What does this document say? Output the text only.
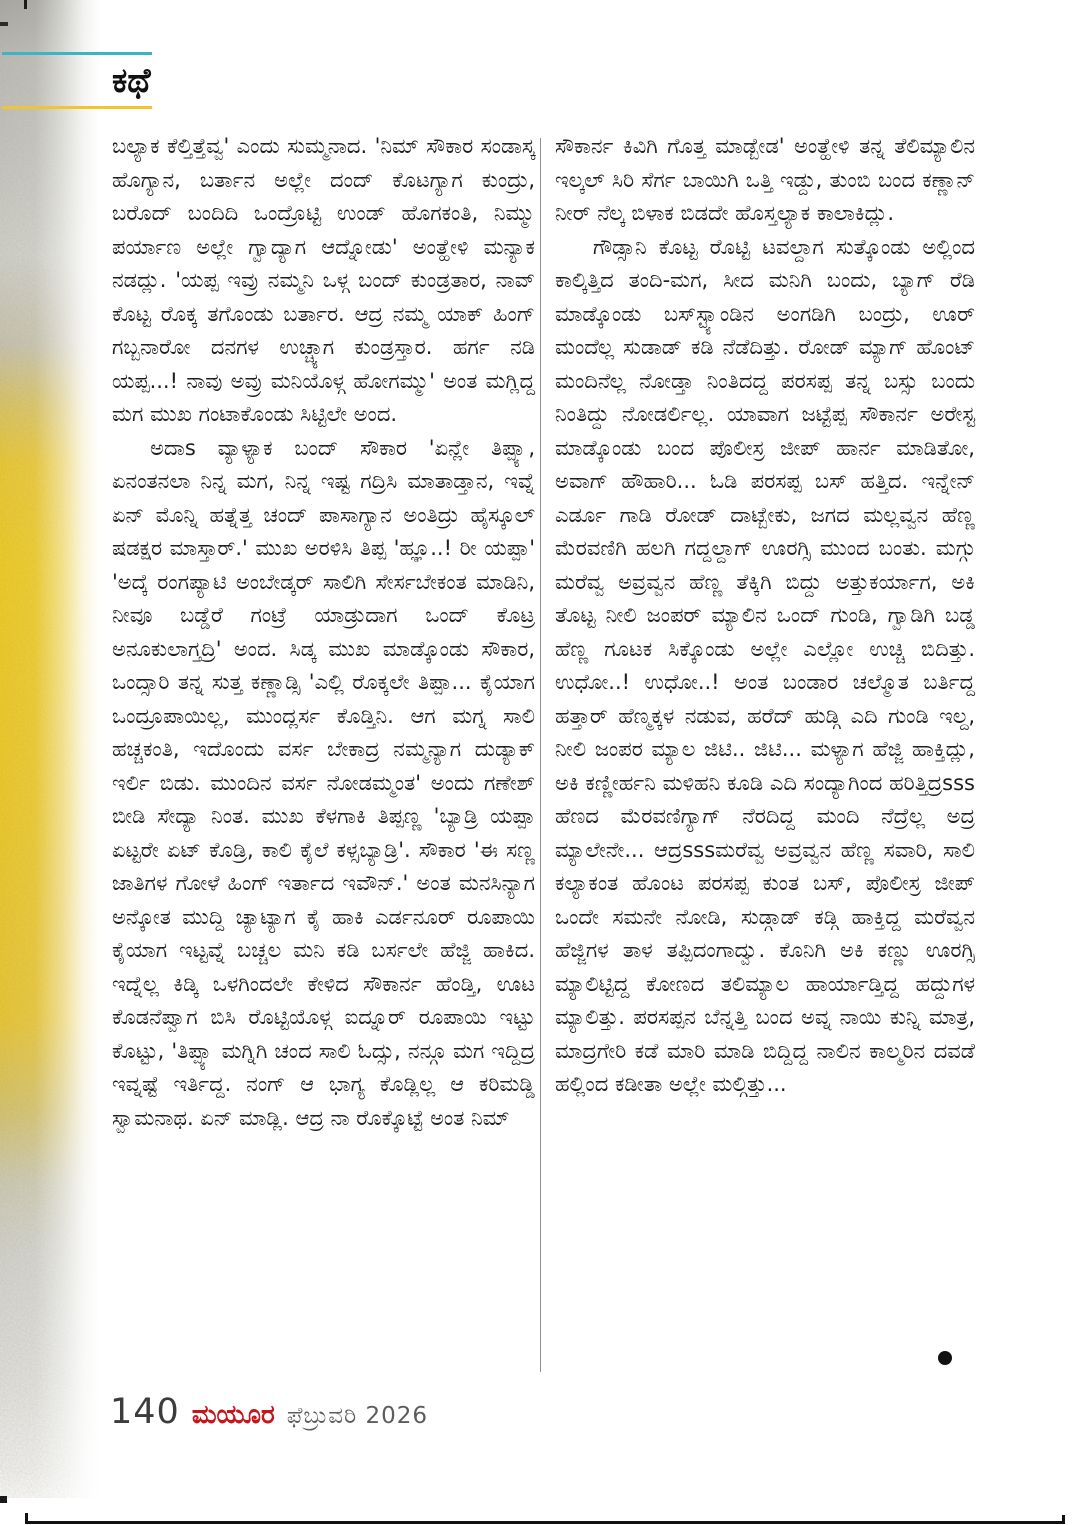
ಕಥೆ

ಬಲ್ಯಾಕ ಕೆಲ್ತಿತ್ತೆವ್ವ' ಎಂದು ಸುಮ್ಮನಾದ. 'ನಿಮ್ ಸೌಕಾರ ಸಂಡಾಸ್ಕ ಹೊಗ್ಯಾನ, ಬರ್ತಾನ ಅಲ್ಲೇ ದಂದ್ ಕೊಟಗ್ಯಾಗ ಕುಂದ್ರು, ಬರೊದ್ ಬಂದಿದಿ ಒಂದ್ರೊಟ್ಟಿ ಉಂಡ್ ಹೊಗಕಂತಿ, ನಿಮ್ಮು ಪರ್ಯಾಣ ಅಲ್ಲೇ ಗ್ವಾದ್ಯಾಗ ಆದ್ನೋಡು' ಅಂತ್ಹೇಳಿ ಮನ್ಯಾಕ ನಡದ್ಲು. 'ಯಪ್ಪ ಇವ್ರು ನಮ್ಮನಿ ಒಳ್ಗ ಬಂದ್ ಕುಂಡ್ರತಾರ, ನಾವ್ ಕೊಟ್ಟ ರೊಕ್ಕ ತಗೊಂಡು ಬರ್ತಾರ. ಆದ್ರ ನಮ್ಮ ಯಾಕ್ ಹಿಂಗ್ ಗಬ್ಬನಾರೋ ದನಗಳ ಉಚ್ಚ್ಯಾಗ ಕುಂಡ್ರಸ್ತಾರ. ಹರ್ಗ ನಡಿ ಯಪ್ಪ...! ನಾವು ಅವ್ರು ಮನಿಯೊಳ್ಗ ಹೋಗಮ್ಮು' ಅಂತ ಮಗ್ಲಿದ್ದ ಮಗ ಮುಖ ಗಂಟಾಕೊಂಡು ಸಿಟ್ಟಿಲೇ ಅಂದ.

ಅದಾs ವ್ಯಾಳ್ಯಾಕ ಬಂದ್ ಸೌಕಾರ 'ಏನ್ಲೇ ತಿಪ್ಪ್ಯಾ, ಏನಂತನಲಾ ನಿನ್ನ ಮಗ, ನಿನ್ನ ಇಷ್ಟ ಗದ್ರಿಸಿ ಮಾತಾಡ್ತಾನ, ಇವ್ನೆ ಏನ್ ಮೊನ್ನಿ ಹತ್ನೆತ್ತ ಚಂದ್ ಪಾಸಾಗ್ಯಾನ ಅಂತಿದ್ರು ಹೈಸ್ಕೂಲ್ ಷಡಕ್ಷರ ಮಾಸ್ತಾರ್.' ಮುಖ ಅರಳಿಸಿ ತಿಪ್ಪ 'ಹ್ಞೂ..! ರೀ ಯಪ್ಪಾ' 'ಅದ್ಕೆ ರಂಗಪ್ಯಾಟಿ ಅಂಬೇಡ್ಕರ್ ಸಾಲಿಗಿ ಸೇರ್ಸಬೇಕಂತ ಮಾಡಿನಿ, ನೀವೂ ಬಡ್ಡೆರೆ ಗಂಟ್ರೆ ಯಾಡ್ರುದಾಗ ಒಂದ್ ಕೊಟ್ರ ಅನೂಕುಲಾಗ್ತದ್ರಿ' ಅಂದ. ಸಿಡ್ಕ ಮುಖ ಮಾಡ್ಕೊಂಡು ಸೌಕಾರ, ಒಂದ್ಸಾರಿ ತನ್ನ ಸುತ್ತ ಕಣ್ಣಾಡ್ಸಿ 'ಎಲ್ಲಿ ರೊಕ್ಕಲೇ ತಿಪ್ಪಾ... ಕೈಯಾಗ ಒಂದ್ರೂಪಾಯಿಲ್ಲ, ಮುಂದ್ಲರ್ಸ ಕೊಡ್ತಿನಿ. ಆಗ ಮಗ್ನ ಸಾಲಿ ಹಚ್ಚಕಂತಿ, ಇದೊಂದು ವರ್ಸ ಬೇಕಾದ್ರ ನಮ್ಮನ್ಯಾಗ ದುಡ್ಯಾಕ್ ಇರ್ಲಿ ಬಿಡು. ಮುಂದಿನ ವರ್ಸ ನೋಡಮ್ಮಂತ' ಅಂದು ಗಣೇಶ್ ಬೀಡಿ ಸೇದ್ಯಾ ನಿಂತ. ಮುಖ ಕೆಳಗಾಕಿ ತಿಪ್ಪಣ್ಣ 'ಬ್ಯಾಡ್ರಿ ಯಪ್ಪಾ ಏಟ್ಟರೇ ಏಟ್ ಕೊಡ್ರಿ, ಕಾಲಿ ಕೈಲೆ ಕಳ್ಸಬ್ಯಾಡ್ರಿ'. ಸೌಕಾರ 'ಈ ಸಣ್ಣ ಜಾತಿಗಳ ಗೋಳೆ ಹಿಂಗ್ ಇರ್ತಾದ ಇವೌನ್.' ಅಂತ ಮನಸಿನ್ಯಾಗ ಅನ್ಕೋತ ಮುದ್ದಿ ಚ್ಯಾಟ್ಯಾಗ ಕೈ ಹಾಕಿ ಎರ್ಡನೂರ್ ರೂಪಾಯಿ ಕೈಯಾಗ ಇಟ್ಟವ್ನೆ ಬಚ್ಚಲ ಮನಿ ಕಡಿ ಬರ್ಸಲೇ ಹೆಜ್ಜಿ ಹಾಕಿದ. ಇದ್ನೆಲ್ಲ ಕಿಡ್ಕಿ ಒಳಗಿಂದಲೇ ಕೇಳಿದ ಸೌಕಾರ್ನ ಹೆಂಡ್ತಿ, ಊಟ ಕೊಡನೆಪ್ವಾಗ ಬಿಸಿ ರೊಟ್ಟಿಯೊಳ್ಗ ಐದ್ನೂರ್ ರೂಪಾಯಿ ಇಟ್ಟು ಕೊಟ್ಟು, 'ತಿಪ್ಪ್ಯಾ ಮಗ್ನಿಗಿ ಚಂದ ಸಾಲಿ ಓದ್ಸು, ನನ್ಗೂ ಮಗ ಇದ್ದಿದ್ರ ಇವ್ನಷ್ಟೆ ಇರ್ತಿದ್ದ. ನಂಗ್ ಆ ಭಾಗ್ಯ ಕೊಡ್ಲಿಲ್ಲ ಆ ಕರಿಮಡ್ಡಿ ಸ್ವಾಮನಾಥ. ಏನ್ ಮಾಡ್ಲಿ. ಆದ್ರ ನಾ ರೊಕ್ಕೊಟ್ಟೆ ಅಂತ ನಿಮ್

ಸೌಕಾರ್ನ ಕಿವಿಗಿ ಗೊತ್ತ ಮಾಡ್ಬೇಡ' ಅಂತ್ಹೇಳಿ ತನ್ನ ತೆಲಿಮ್ಯಾಲಿನ ಇಲ್ಕಲ್ ಸಿರಿ ಸೆರ್ಗ ಬಾಯಿಗಿ ಒತ್ತಿ ಇಡ್ದು, ತುಂಬಿ ಬಂದ ಕಣ್ಣಾನ್ ನೀರ್ ನೆಲ್ಕ ಬಿಳಾಕ ಬಿಡದೇ ಹೊಸ್ತಲ್ಯಾಕ ಕಾಲಾಕಿದ್ಲು.

ಗೌಡ್ಸಾನಿ ಕೊಟ್ಟ ರೊಟ್ಟಿ ಟವಲ್ದಾಗ ಸುತ್ಕೊಂಡು ಅಲ್ಲಿಂದ ಕಾಲ್ಕಿತ್ತಿದ ತಂದಿ-ಮಗ, ಸೀದ ಮನಿಗಿ ಬಂದು, ಬ್ಯಾಗ್ ರೆಡಿ ಮಾಡ್ಕೊಂಡು ಬಸ್‌ಸ್ಟ್ಯಾಂಡಿನ ಅಂಗಡಿಗಿ ಬಂದ್ರು, ಊರ್ ಮಂದೆಲ್ಲ ಸುಡಾಡ್ ಕಡಿ ನೆಡೆದಿತ್ತು. ರೋಡ್ ಮ್ಯಾಗ್ ಹೊಂಟ್ ಮಂದಿನೆಲ್ಲ ನೋಡ್ತಾ ನಿಂತಿದದ್ದ ಪರಸಪ್ಪ ತನ್ನ ಬಸ್ಸು ಬಂದು ನಿಂತಿದ್ದು ನೋಡರ್ಲಿಲ್ಲ. ಯಾವಾಗ ಜಟ್ಟೆಪ್ಪ ಸೌಕಾರ್ನ ಅರೇಸ್ಟ ಮಾಡ್ಕೊಂಡು ಬಂದ ಪೊಲೀಸ್ರ ಜೀಪ್ ಹಾರ್ನ ಮಾಡಿತೋ, ಅವಾಗ್ ಹೌಹಾರಿ... ಓಡಿ ಪರಸಪ್ಪ ಬಸ್ ಹತ್ತಿದ. ಇನ್ನೇನ್ ಎರ್ಡೂ ಗಾಡಿ ರೋಡ್ ದಾಟ್ಬೇಕು, ಜಗದ ಮಲ್ಲವ್ವನ ಹೆಣ್ಣ ಮೆರವಣಿಗಿ ಹಲಗಿ ಗದ್ದಲ್ದಾಗ್ ಊರಗ್ಸಿ ಮುಂದ ಬಂತು. ಮಗ್ಗು ಮರೆವ್ವ ಅವ್ರವ್ವನ ಹೆಣ್ಣ ತೆಕ್ಕಿಗಿ ಬಿದ್ದು ಅತ್ತುಕರ್ಯಾಗ, ಅಕಿ ತೊಟ್ಟ ನೀಲಿ ಜಂಪರ್ ಮ್ಯಾಲಿನ ಒಂದ್ ಗುಂಡಿ, ಗ್ವಾಡಿಗಿ ಬಡ್ಡ ಹೆಣ್ಣ ಗೂಟಕ ಸಿಕ್ಕೊಂಡು ಅಲ್ಲೇ ಎಲ್ಲೋ ಉಚ್ಚಿ ಬಿದಿತ್ತು. ಉಧೋ..! ಉಧೋ..! ಅಂತ ಬಂಡಾರ ಚಲ್ಮೊತ ಬರ್ತಿದ್ದ ಹತ್ತಾರ್ ಹೆಣ್ಮಕ್ಕಳ ನಡುವ, ಹರೆದ್ ಹುಡ್ಗಿ ಎದಿ ಗುಂಡಿ ಇಲ್ದ, ನೀಲಿ ಜಂಪರ ಮ್ಯಾಲ ಜಿಟಿ.. ಜಿಟಿ... ಮಳ್ಯಾಗ ಹೆಜ್ಜಿ ಹಾಕ್ತಿದ್ಲು, ಅಕಿ ಕಣ್ಣೀರ್ಹನಿ ಮಳಿಹನಿ ಕೂಡಿ ಎದಿ ಸಂದ್ಯಾಗಿಂದ ಹರಿತ್ತಿದ್ರsss ಹೆಣದ ಮೆರವಣಿಗ್ಯಾಗ್ ನೆರದಿದ್ದ ಮಂದಿ ನೆದ್ರೆಲ್ಲ ಅದ್ರ ಮ್ಯಾಲೇನೇ... ಆದ್ರsssಮರೆವ್ವ ಅವ್ರವ್ವನ ಹೆಣ್ಣ ಸವಾರಿ, ಸಾಲಿ ಕಲ್ಯಾಕಂತ ಹೊಂಟ ಪರಸಪ್ಪ ಕುಂತ ಬಸ್, ಪೊಲೀಸ್ರ ಜೀಪ್ ಒಂದೇ ಸಮನೇ ನೋಡಿ, ಸುಡ್ಗಾಡ್ ಕಡ್ಗಿ ಹಾಕ್ತಿದ್ದ ಮರೆವ್ವನ ಹೆಜ್ಜಿಗಳ ತಾಳ ತಪ್ಪಿದಂಗಾದ್ವು. ಕೊನಿಗಿ ಅಕಿ ಕಣ್ಣು ಊರಗ್ಸಿ ಮ್ಯಾಲಿಟ್ಟಿದ್ದ ಕೋಣದ ತಲಿಮ್ಯಾಲ ಹಾರ್ಯಾಡ್ತಿದ್ದ ಹದ್ದುಗಳ ಮ್ಯಾಲಿತ್ತು. ಪರಸಪ್ಪನ ಬೆನ್ನತ್ತಿ ಬಂದ ಅವ್ನ ನಾಯಿ ಕುನ್ನಿ ಮಾತ್ರ, ಮಾದ್ರಗೇರಿ ಕಡೆ ಮಾರಿ ಮಾಡಿ ಬಿದ್ದಿದ್ದ ನಾಲಿನ ಕಾಲ್ಮರಿನ ದವಡೆ ಹಲ್ಲಿಂದ ಕಡೀತಾ ಅಲ್ಲೇ ಮಲ್ಗಿತ್ತು...

140 ಮಯೂರ ಫೆಬ್ರುವರಿ 2026
